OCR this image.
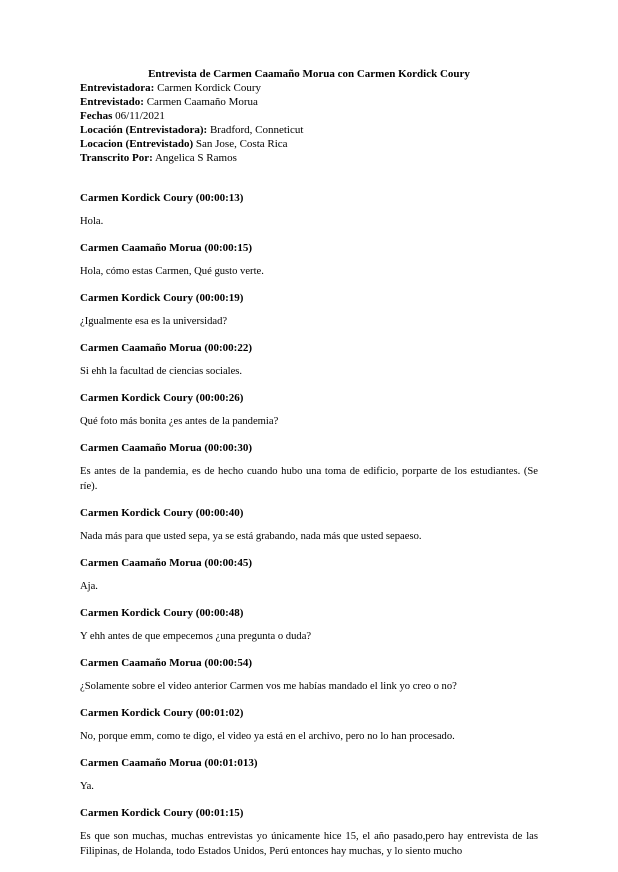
Entrevista de Carmen Caamaño Morua con Carmen Kordick Coury
Entrevistadora: Carmen Kordick Coury
Entrevistado: Carmen Caamaño Morua
Fechas 06/11/2021
Locación (Entrevistadora): Bradford, Conneticut
Locacion (Entrevistado) San Jose, Costa Rica
Transcrito Por: Angelica S Ramos
Carmen Kordick Coury (00:00:13)
Hola.
Carmen Caamaño Morua (00:00:15)
Hola, cómo estas Carmen, Qué gusto verte.
Carmen Kordick Coury (00:00:19)
¿Igualmente esa es la universidad?
Carmen Caamaño Morua (00:00:22)
Si ehh la facultad de ciencias sociales.
Carmen Kordick Coury (00:00:26)
Qué foto más bonita ¿es antes de la pandemia?
Carmen Caamaño Morua (00:00:30)
Es antes de la pandemia, es de hecho cuando hubo una toma de edificio, porparte de los estudiantes. (Se ríe).
Carmen Kordick Coury (00:00:40)
Nada más para que usted sepa, ya se está grabando, nada más que usted sepaeso.
Carmen Caamaño Morua (00:00:45)
Aja.
Carmen Kordick Coury (00:00:48)
Y ehh antes de que empecemos ¿una pregunta o duda?
Carmen Caamaño Morua (00:00:54)
¿Solamente sobre el video anterior Carmen vos me habías mandado el link yo creo o no?
Carmen Kordick Coury (00:01:02)
No, porque emm, como te digo, el video ya está en el archivo, pero no lo han procesado.
Carmen Caamaño Morua (00:01:013)
Ya.
Carmen Kordick Coury (00:01:15)
Es que son muchas, muchas entrevistas yo únicamente hice 15, el año pasado,pero hay entrevista de las Filipinas, de Holanda, todo Estados Unidos, Perú entonces hay muchas, y lo siento mucho
